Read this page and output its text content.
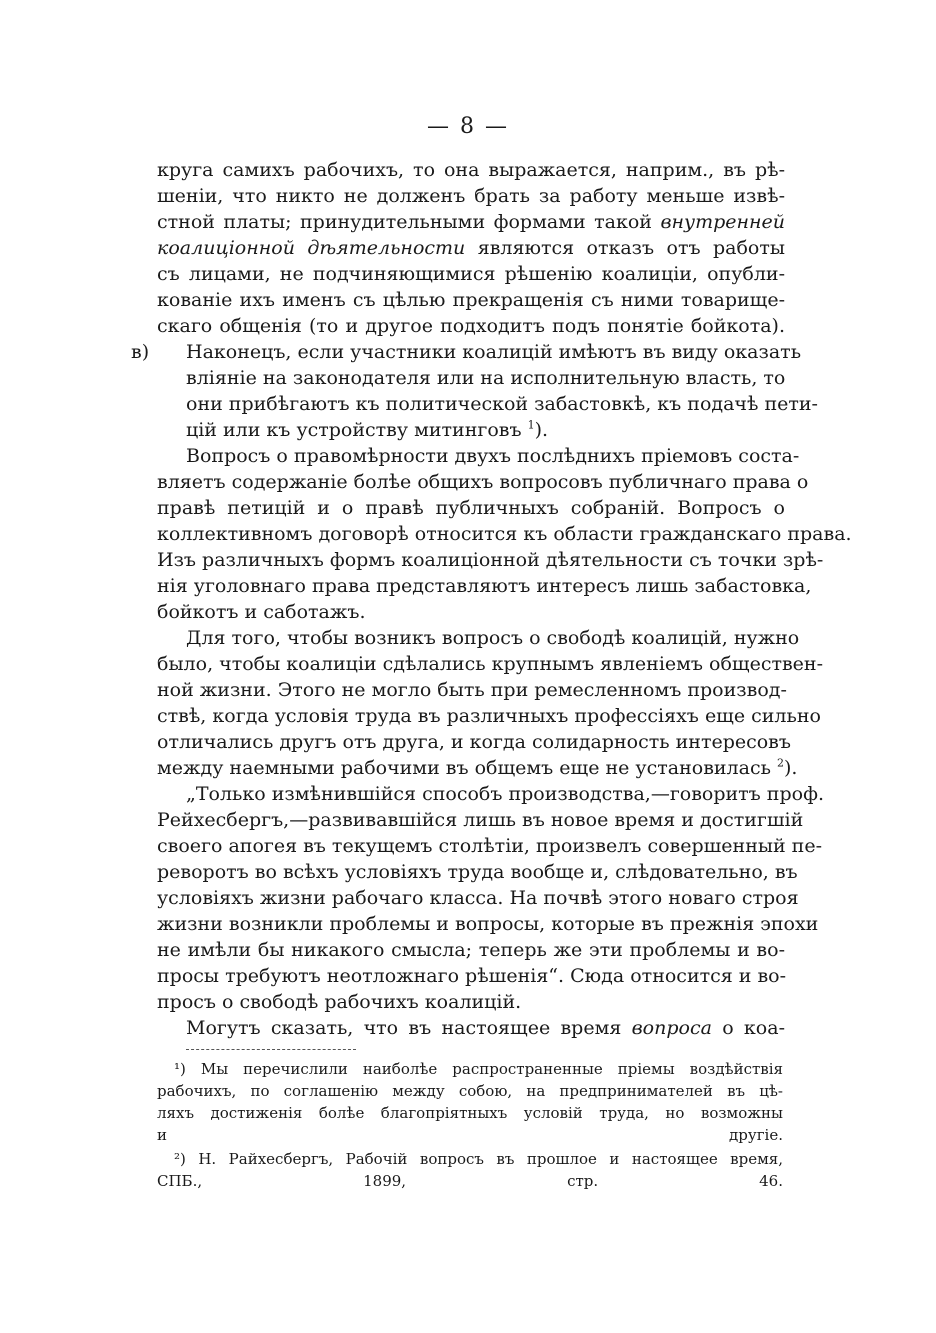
— 8 —
круга самихъ рабочихъ, то она выражается, наприм., въ рѣ-
шеніи, что никто не долженъ брать за работу меньше извѣ-
стной платы; принудительными формами такой внутренней
коалиціонной дѣятельности являются отказъ отъ работы
съ лицами, не подчиняющимися рѣшенію коалиціи, опубли-
кованіе ихъ именъ съ цѣлью прекращенія съ ними товарище-
скаго общенія (то и другое подходитъ подъ понятіе бойкота).
в) Наконецъ, если участники коалицій имѣютъ въ виду оказать
вліяніе на законодателя или на исполнительную власть, то
они прибѣгаютъ къ политической забастовкѣ, къ подачѣ пети-
цій или къ устройству митинговъ $^1$).
Вопросъ о правомѣрности двухъ послѣднихъ пріемовъ соста-
вляетъ содержаніе болѣе общихъ вопросовъ публичнаго права о
правѣ петицій и о правѣ публичныхъ собраній. Вопросъ о
коллективномъ договорѣ относится къ области гражданскаго права.
Изъ различныхъ формъ коалиціонной дѣятельности съ точки зрѣ-
нія уголовнаго права представляютъ интересъ лишь забастовка,
бойкотъ и саботажъ.
Для того, чтобы возникъ вопросъ о свободѣ коалицій, нужно
было, чтобы коалиціи сдѣлались крупнымъ явленіемъ обществен-
ной жизни. Этого не могло быть при ремесленномъ производ-
ствѣ, когда условія труда въ различныхъ профессіяхъ еще сильно
отличались другъ отъ друга, и когда солидарность интересовъ
между наемными рабочими въ общемъ еще не установилась $^2$).
„Только измѣнившійся способъ производства,—говоритъ проф.
Рейхесбергъ,—развивавшійся лишь въ новое время и достигшій
своего апогея въ текущемъ столѣтіи, произвелъ совершенный пе-
реворотъ во всѣхъ условіяхъ труда вообще и, слѣдовательно, въ
условіяхъ жизни рабочаго класса. На почвѣ этого новаго строя
жизни возникли проблемы и вопросы, которые въ прежнія эпохи
не имѣли бы никакого смысла; теперь же эти проблемы и во-
просы требуютъ неотложнаго рѣшенія“. Сюда относится и во-
просъ о свободѣ рабочихъ коалицій.
Могутъ сказать, что въ настоящее время вопроса о коа-
¹) Мы перечислили наиболѣе распространенные пріемы воздѣйствія
рабочихъ, по соглашенію между собою, на предпринимателей въ цѣ-
ляхъ достиженія болѣе благопріятныхъ условій труда, но возможны
и другіе.
²) Н. Райхесбергъ, Рабочій вопросъ въ прошлое и настоящее время,
СПБ., 1899, стр. 46.
